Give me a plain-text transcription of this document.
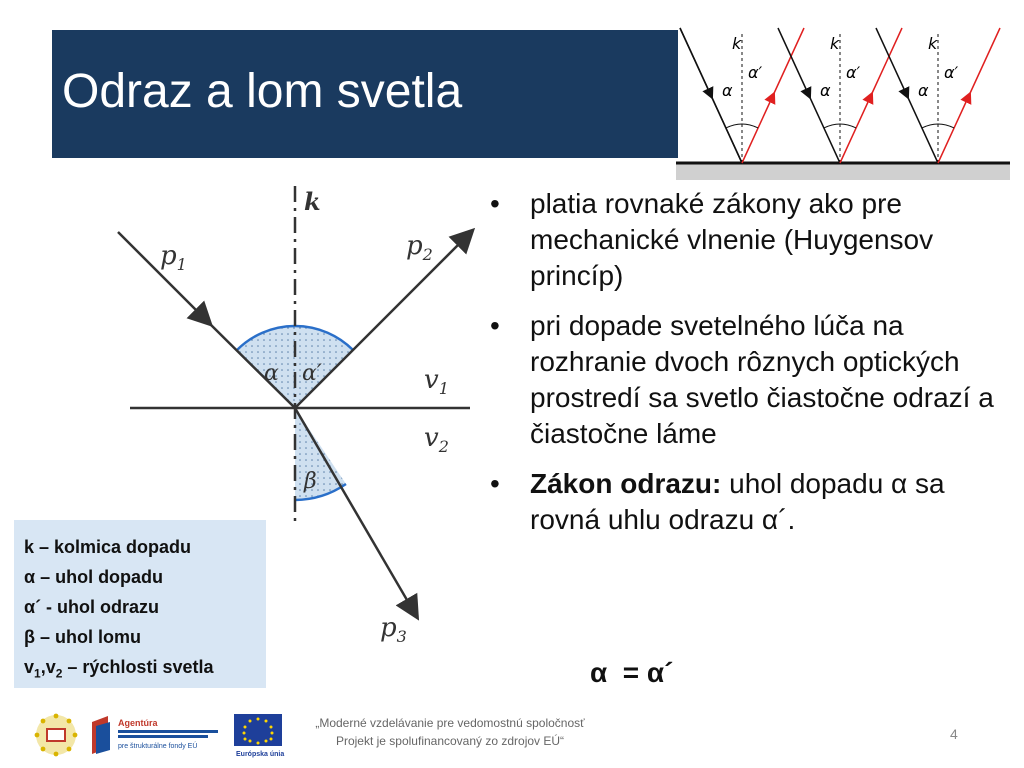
Odraz a lom svetla
k
α
α′
k
α
α′
k
α
α′
k
$p_1$
$p_2$
$p_3$
$v_1$
$v_2$
α α′
β
• platia rovnaké zákony ako pre mechanické vlnenie (Huygensov princíp)
• pri dopade svetelného lúča na rozhranie dvoch rôznych optických prostredí sa svetlo čiastočne odrazí a čiastočne láme
• Zákon odrazu: uhol dopadu α sa rovná uhlu odrazu α´.
α  = α´
k – kolmica dopadu
α – uhol dopadu
α´ - uhol odrazu
β – uhol lomu
$v_1,v_2$ – rýchlosti svetla
Agentúra
pre štrukturálne fondy EÚ
Európska únia
„Moderné vzdelávanie pre vedomostnú spoločnosť
Projekt je spolufinancovaný zo zdrojov EÚ“	4
